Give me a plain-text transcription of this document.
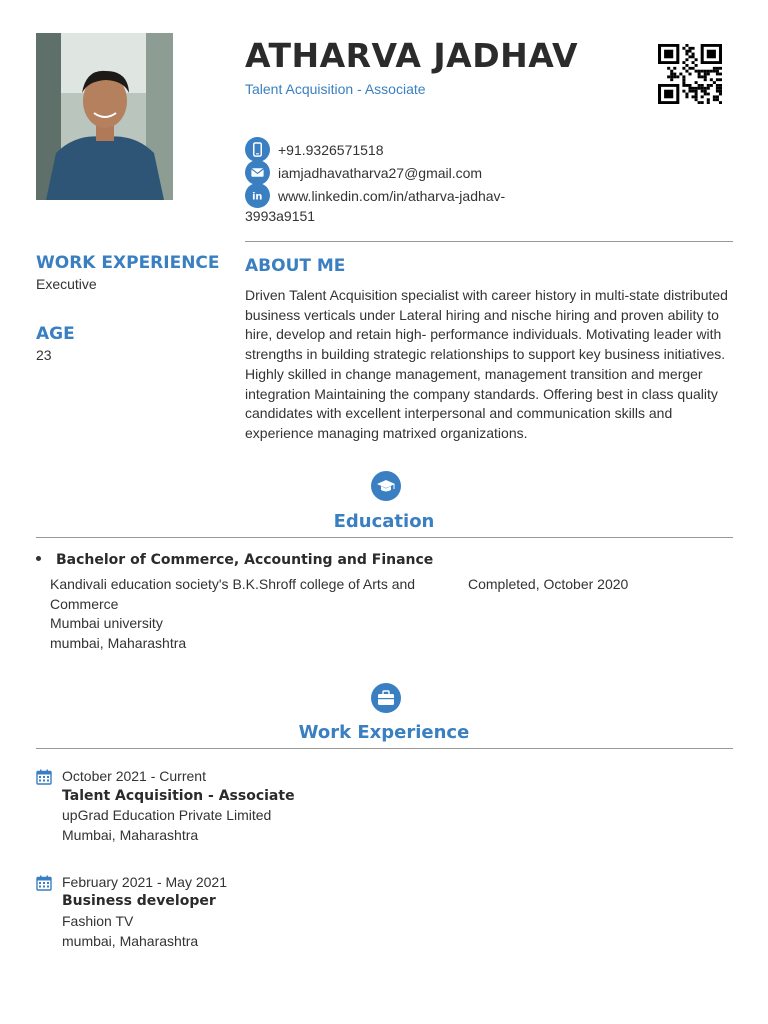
ATHARVA JADHAV
Talent Acquisition - Associate
+91.9326571518
iamjadhavatharva27@gmail.com
in www.linkedin.com/in/atharva-jadhav-
3993a9151
WORK EXPERIENCE
Executive
AGE
23
ABOUT ME
Driven Talent Acquisition specialist with career history in multi-state distributed business verticals under Lateral hiring and nische hiring and proven ability to hire, develop and retain high- performance individuals. Motivating leader with strengths in building strategic relationships to support key business initiatives. Highly skilled in change management, management transition and merger integration Maintaining the company standards. Offering best in class quality candidates with excellent interpersonal and communication skills and experience managing matrixed organizations.
Education
Bachelor of Commerce, Accounting and Finance
Kandivali education society's B.K.Shroff college of Arts and
Commerce
Mumbai university
mumbai, Maharashtra
Completed, October 2020
Work Experience
October 2021 - Current
Talent Acquisition - Associate
upGrad Education Private Limited
Mumbai, Maharashtra
February 2021 - May 2021
Business developer
Fashion TV
mumbai, Maharashtra
